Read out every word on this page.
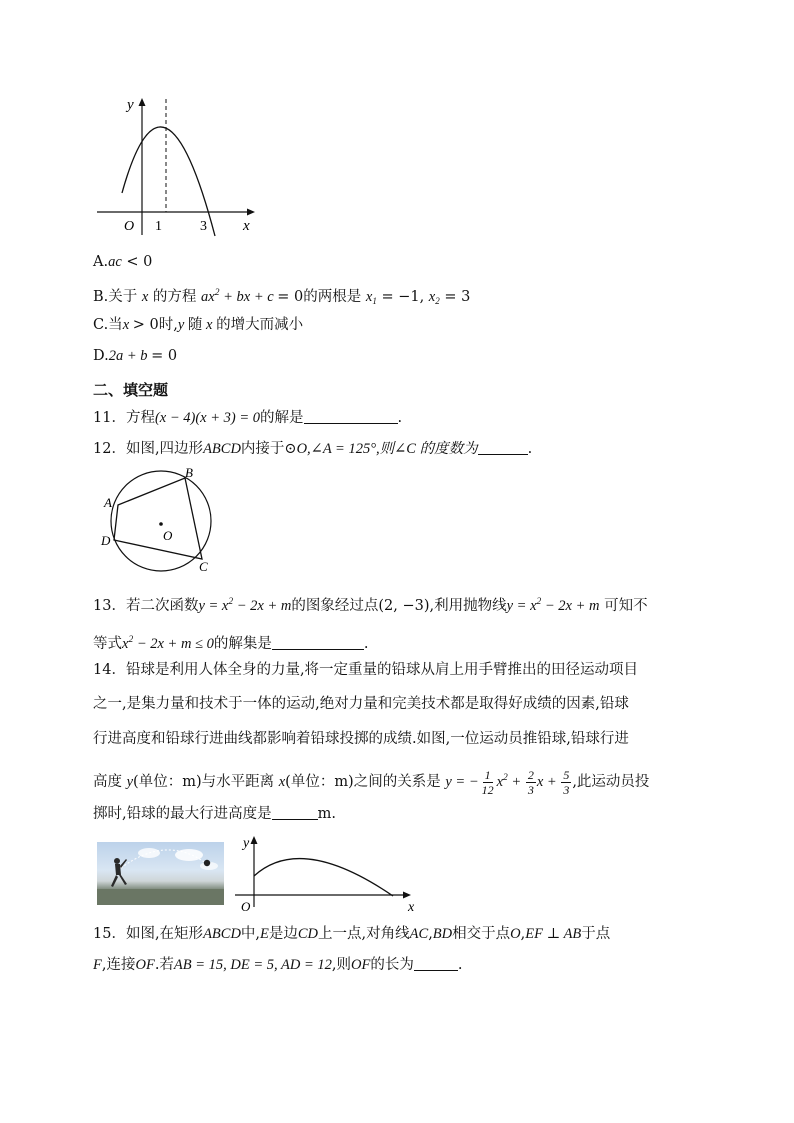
y
O 1	3 x
A.ac < 0
B.关于 x 的方程 $ax^2$ + bx + c = 0的两根是 $x_1 = -1$, $x_2 = 3$
C.当x > 0时,y 随 x 的增大而减小
D.2a + b = 0
二、填空题
11．方程(x − 4)(x + 3) = 0的解是	.
12．如图,四边形ABCD内接于⊙O,∠A = 125°,则∠C 的度数为	.
A
B
C
D	O
13．若二次函数$y = x^2 - 2x + m$的图象经过点(2, −3),利用抛物线$y = x^2 - 2x + m$ 可知不
等式$x^2 - 2x + m \le 0$的解集是	.
14．铅球是利用人体全身的力量,将一定重量的铅球从肩上用手臂推出的田径运动项目
之一,是集力量和技术于一体的运动,绝对力量和完美技术都是取得好成绩的因素,铅球
行进高度和铅球行进曲线都影响着铅球投掷的成绩.如图,一位运动员推铅球,铅球行进
高度 y(单位：m)与水平距离 x(单位：m)之间的关系是 y = − $\frac{1}{12} x^2 + \frac{2}{3}$ $x + \frac{5}{3}$ ,此运动员投
掷时,铅球的最大行进高度是	m.
y
O	x
15．如图,在矩形ABCD中,E是边CD上一点,对角线AC,BD相交于点O,EF ⊥ AB于点
F,连接OF.若AB = 15, DE = 5, AD = 12,则OF的长为	.
